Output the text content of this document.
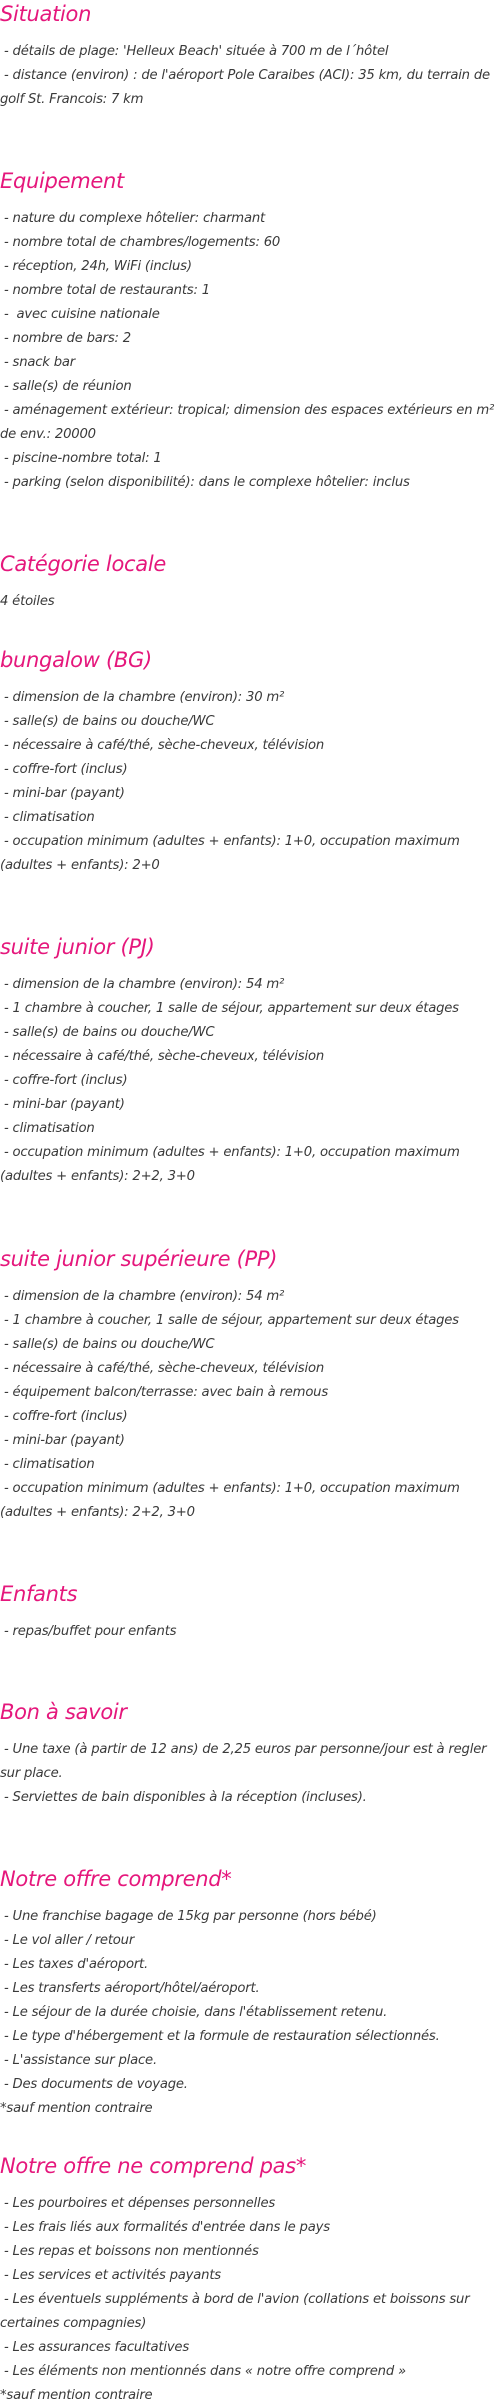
Situation
- détails de plage: 'Helleux Beach' située à 700 m de l´hôtel
- distance (environ) : de l'aéroport Pole Caraibes (ACI): 35 km, du terrain de golf St. Francois: 7 km
Equipement
- nature du complexe hôtelier: charmant
- nombre total de chambres/logements: 60
- réception, 24h, WiFi (inclus)
- nombre total de restaurants: 1
-  avec cuisine nationale
- nombre de bars: 2
- snack bar
- salle(s) de réunion
- aménagement extérieur: tropical; dimension des espaces extérieurs en m² de env.: 20000
- piscine-nombre total: 1
- parking (selon disponibilité): dans le complexe hôtelier: inclus
Catégorie locale
4 étoiles
bungalow (BG)
- dimension de la chambre (environ): 30 m²
- salle(s) de bains ou douche/WC
- nécessaire à café/thé, sèche-cheveux, télévision
- coffre-fort (inclus)
- mini-bar (payant)
- climatisation
- occupation minimum (adultes + enfants): 1+0, occupation maximum (adultes + enfants): 2+0
suite junior (PJ)
- dimension de la chambre (environ): 54 m²
- 1 chambre à coucher, 1 salle de séjour, appartement sur deux étages
- salle(s) de bains ou douche/WC
- nécessaire à café/thé, sèche-cheveux, télévision
- coffre-fort (inclus)
- mini-bar (payant)
- climatisation
- occupation minimum (adultes + enfants): 1+0, occupation maximum (adultes + enfants): 2+2, 3+0
suite junior supérieure (PP)
- dimension de la chambre (environ): 54 m²
- 1 chambre à coucher, 1 salle de séjour, appartement sur deux étages
- salle(s) de bains ou douche/WC
- nécessaire à café/thé, sèche-cheveux, télévision
- équipement balcon/terrasse: avec bain à remous
- coffre-fort (inclus)
- mini-bar (payant)
- climatisation
- occupation minimum (adultes + enfants): 1+0, occupation maximum (adultes + enfants): 2+2, 3+0
Enfants
- repas/buffet pour enfants
Bon à savoir
- Une taxe (à partir de 12 ans) de 2,25 euros par personne/jour est à regler sur place.
- Serviettes de bain disponibles à la réception (incluses).
Notre offre comprend*
- Une franchise bagage de 15kg par personne (hors bébé)
- Le vol aller / retour
- Les taxes d'aéroport.
- Les transferts aéroport/hôtel/aéroport.
- Le séjour de la durée choisie, dans l'établissement retenu.
- Le type d'hébergement et la formule de restauration sélectionnés.
- L'assistance sur place.
- Des documents de voyage.
*sauf mention contraire
Notre offre ne comprend pas*
- Les pourboires et dépenses personnelles
- Les frais liés aux formalités d'entrée dans le pays
- Les repas et boissons non mentionnés
- Les services et activités payants
- Les éventuels suppléments à bord de l'avion (collations et boissons sur certaines compagnies)
- Les assurances facultatives
- Les éléments non mentionnés dans « notre offre comprend »
*sauf mention contraire
